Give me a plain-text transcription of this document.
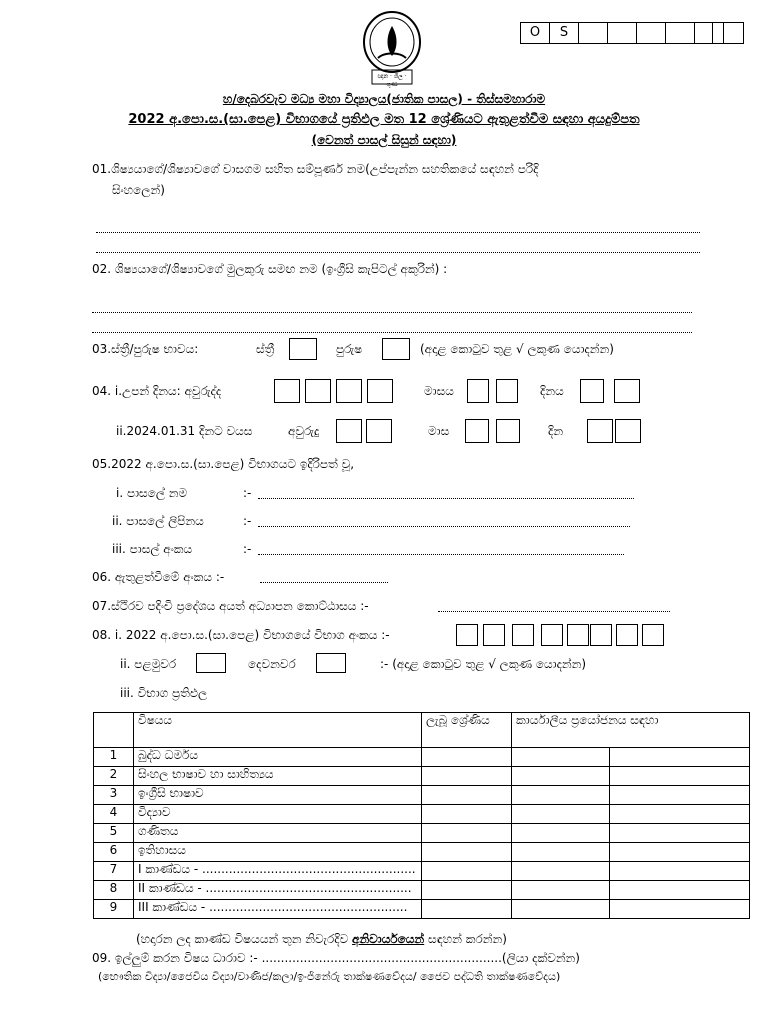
ඥාන · ශීල · ගුණ
O	S
හ/දෙබරවැව මධ්‍ය මහා විද්‍යාලය(ජාතික පාසල) - තිස්සමහාරාම
2022 අ.පො.ස.(සා.පෙළ) විභාගයේ ප්‍රතිඵල මත 12 ශ්‍රේණියට ඇතුළත්වීම සඳහා අයදුම්පත
(වෙනත් පාසල් සිසුන් සඳහා)
01.ශිෂ්‍යයාගේ/ශිෂ්‍යාවගේ වාසගම සහිත සම්පූර්ණ නම(උප්පැන්න සහතිකයේ සඳහන් පරිදි
සිංහලෙන්)
02. ශිෂ්‍යයාගේ/ශිෂ්‍යාවගේ මුලකුරු සමඟ නම (ඉංග්‍රීසි කැපිටල් අකුරින්) :
03.ස්ත්‍රී/පුරුෂ භාවය:	ස්ත්‍රී	පුරුෂ	(අදාළ කොටුව තුළ √ ලකුණ යොදන්න)
04. i.උපන් දිනය: අවුරුද්ද	මාසය	දිනය
ii.2024.01.31 දිනට වයස	අවුරුදු	මාස	දින
05.2022 අ.පො.ස.(සා.පෙළ) විභාගයට ඉදිරිපත් වූ,
i. පාසලේ නම	:-
ii. පාසලේ ලිපිනය	:-
iii. පාසල් අංකය	:-
06. ඇතුළත්වීමේ අංකය :-
07.ස්ථිරව පදිංචි ප්‍රදේශය අයත් අධ්‍යාපන කොට්ඨාසය :-
08. i. 2022 අ.පො.ස.(සා.පෙළ) විභාගයේ විභාග අංකය :-
ii. පළමුවර	දෙවනවර	:- (අදාළ කොටුව තුළ √ ලකුණ යොදන්න)
iii. විභාග ප්‍රතිඵල
	විෂයය	ලැබූ ශ්‍රේණිය	කාර්යාලීය ප්‍රයෝජනය සඳහා	
1	බුද්ධ ධර්මය			
2	සිංහල භාෂාව හා සාහිත්‍යය			
3	ඉංග්‍රීසි භාෂාව			
4	විද්‍යාව			
5	ගණිතය			
6	ඉතිහාසය			
7	I කාණ්ඩය - ........................................................			
8	II කාණ්ඩය - ......................................................			
9	III කාණ්ඩය - ....................................................			
(හදාරන ලද කාණ්ඩ විෂයයන් තුන නිවැරදිව අනිවාර්යයෙන් සඳහන් කරන්න)
09. ඉල්ලුම් කරන විෂය ධාරාව :- ...............................................................(ලියා දක්වන්න)
(භෞතික විද්‍යා/ජෛවීය විද්‍යා/වාණිජ/කලා/ඉංජිනේරු තාක්ෂණවේදය/ ජෛව පද්ධති තාක්ෂණවේදය)
